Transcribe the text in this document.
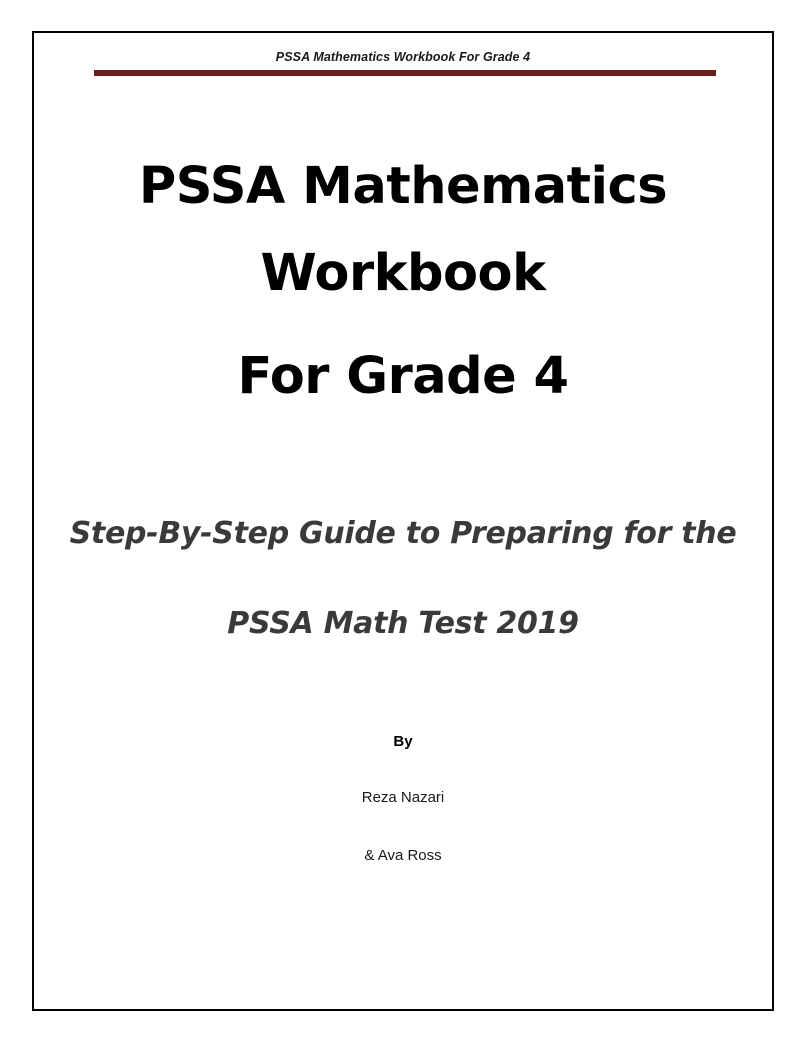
PSSA Mathematics Workbook For Grade 4
PSSA Mathematics
Workbook
For Grade 4
Step-By-Step Guide to Preparing for the
PSSA Math Test 2019
By
Reza Nazari
& Ava Ross
